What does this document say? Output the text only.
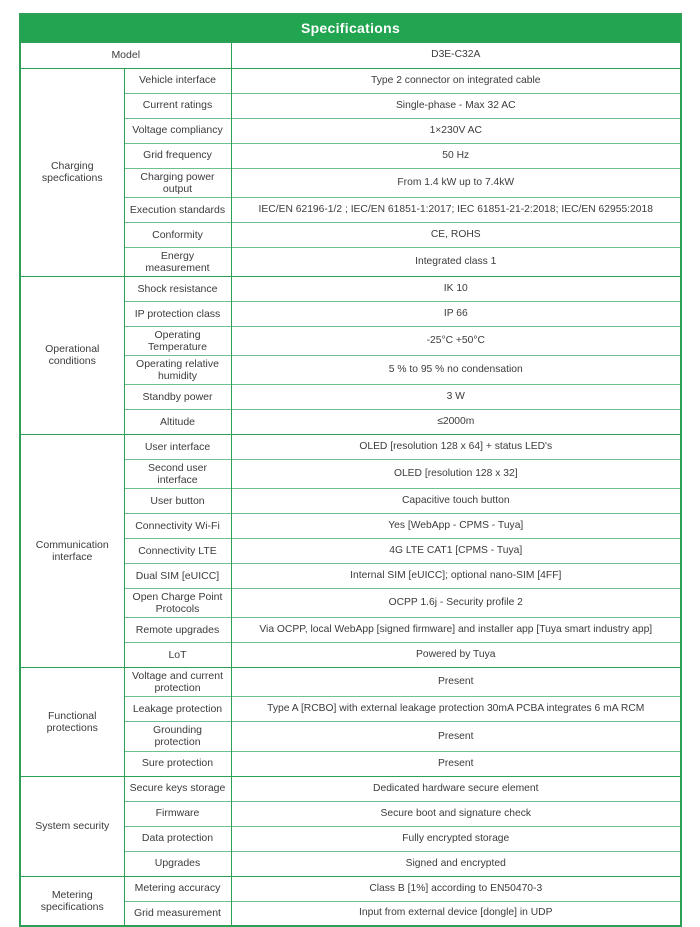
Specifications		
Model		D3E-C32A
Charging specfications	Vehicle interface	Type 2 connector on integrated cable
	Current ratings	Single-phase - Max 32 AC
	Voltage compliancy	1×230V AC
	Grid frequency	50 Hz
	Charging power output	From 1.4 kW up to 7.4kW
	Execution standards	IEC/EN 62196-1/2 ; IEC/EN 61851-1:2017; IEC 61851-21-2:2018; IEC/EN 62955:2018
	Conformity	CE, ROHS
	Energy measurement	Integrated class 1
Operational conditions	Shock resistance	IK 10
	IP protection class	IP 66
	Operating Temperature	-25°C +50°C
	Operating relative humidity	5 % to 95 % no condensation
	Standby power	3 W
	Altitude	≤2000m
Communication interface	User interface	OLED [resolution 128 x 64] + status LED's
	Second user interface	OLED [resolution 128 x 32]
	User button	Capacitive touch button
	Connectivity Wi-Fi	Yes [WebApp - CPMS - Tuya]
	Connectivity LTE	4G LTE CAT1 [CPMS - Tuya]
	Dual SIM [eUICC]	Internal SIM [eUICC]; optional nano-SIM [4FF]
	Open Charge Point Protocols	OCPP 1.6j - Security profile 2
	Remote upgrades	Via OCPP, local WebApp [signed firmware] and installer app [Tuya smart industry app]
	LoT	Powered by Tuya
Functional protections	Voltage and current protection	Present
	Leakage protection	Type A [RCBO] with external leakage protection 30mA PCBA integrates 6 mA RCM
	Grounding protection	Present
	Sure protection	Present
System security	Secure keys storage	Dedicated hardware secure element
	Firmware	Secure boot and signature check
	Data protection	Fully encrypted storage
	Upgrades	Signed and encrypted
Metering specifications	Metering accuracy	Class B [1%] according to EN50470-3
	Grid measurement	Input from external device [dongle] in UDP
